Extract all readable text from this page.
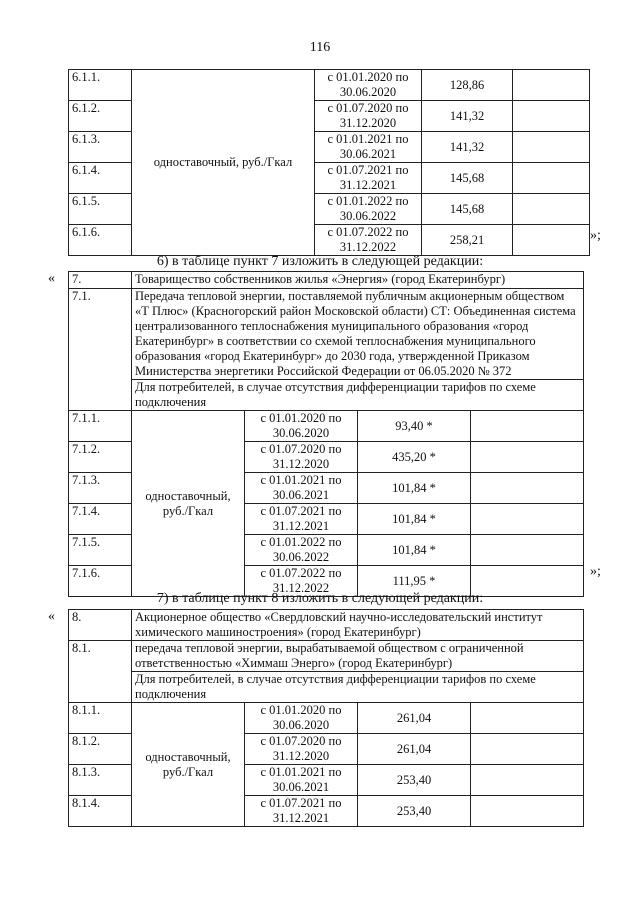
116
6.1.1.	одноставочный, руб./Гкал	с 01.01.2020 по 30.06.2020	128,86	
6.1.2.		с 01.07.2020 по 31.12.2020	141,32	
6.1.3.		с 01.01.2021 по 30.06.2021	141,32	
6.1.4.		с 01.07.2021 по 31.12.2021	145,68	
6.1.5.		с 01.01.2022 по 30.06.2022	145,68	
6.1.6.		с 01.07.2022 по 31.12.2022	258,21		»;
6) в таблице пункт 7 изложить в следующей редакции:
« 7.	Товарищество собственников жилья «Энергия» (город Екатеринбург)			
7.1.	Передача тепловой энергии, поставляемой публичным акционерным обществом «Т Плюс» (Красногорский район Московской области) СТ: Объединенная система централизованного теплоснабжения муниципального образования «город Екатеринбург» в соответствии со схемой теплоснабжения муниципального образования «город Екатеринбург» до 2030 года, утвержденной Приказом Министерства энергетики Российской Федерации от 06.05.2020 № 372			
	Для потребителей, в случае отсутствия дифференциации тарифов по схеме подключения			
7.1.1.	одноставочный, руб./Гкал	с 01.01.2020 по 30.06.2020	93,40 *	
7.1.2.		с 01.07.2020 по 31.12.2020	435,20 *	
7.1.3.		с 01.01.2021 по 30.06.2021	101,84 *	
7.1.4.		с 01.07.2021 по 31.12.2021	101,84 *	
7.1.5.		с 01.01.2022 по 30.06.2022	101,84 *	
7.1.6.		с 01.07.2022 по 31.12.2022	111,95 *	
»;
7) в таблице пункт 8 изложить в следующей редакции:
« 8.	Акционерное общество «Свердловский научно-исследовательский институт химического машиностроения» (город Екатеринбург)			
8.1.	передача тепловой энергии, вырабатываемой обществом с ограниченной ответственностью «Химмаш Энерго» (город Екатеринбург)			
	Для потребителей, в случае отсутствия дифференциации тарифов по схеме подключения			
8.1.1.	одноставочный, руб./Гкал	с 01.01.2020 по 30.06.2020	261,04	
8.1.2.		с 01.07.2020 по 31.12.2020	261,04	
8.1.3.		с 01.01.2021 по 30.06.2021	253,40	
8.1.4.		с 01.07.2021 по 31.12.2021	253,40	
